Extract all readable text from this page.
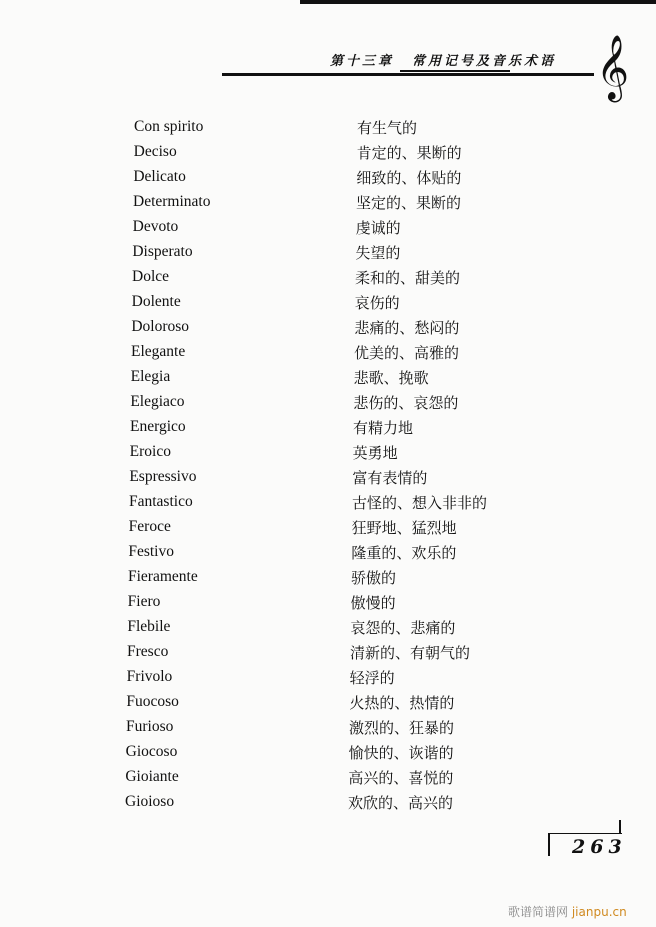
第十三章 常用记号及音乐术语 𝄞
Con spirito	有生气的
Deciso	肯定的、果断的
Delicato	细致的、体贴的
Determinato	坚定的、果断的
Devoto	虔诚的
Disperato	失望的
Dolce	柔和的、甜美的
Dolente	哀伤的
Doloroso	悲痛的、愁闷的
Elegante	优美的、高雅的
Elegia	悲歌、挽歌
Elegiaco	悲伤的、哀怨的
Energico	有精力地
Eroico	英勇地
Espressivo	富有表情的
Fantastico	古怪的、想入非非的
Feroce	狂野地、猛烈地
Festivo	隆重的、欢乐的
Fieramente	骄傲的
Fiero	傲慢的
Flebile	哀怨的、悲痛的
Fresco	清新的、有朝气的
Frivolo	轻浮的
Fuocoso	火热的、热情的
Furioso	激烈的、狂暴的
Giocoso	愉快的、诙谐的
Gioiante	高兴的、喜悦的
Gioioso	欢欣的、高兴的
263
歌谱简谱网 jianpu.cn
